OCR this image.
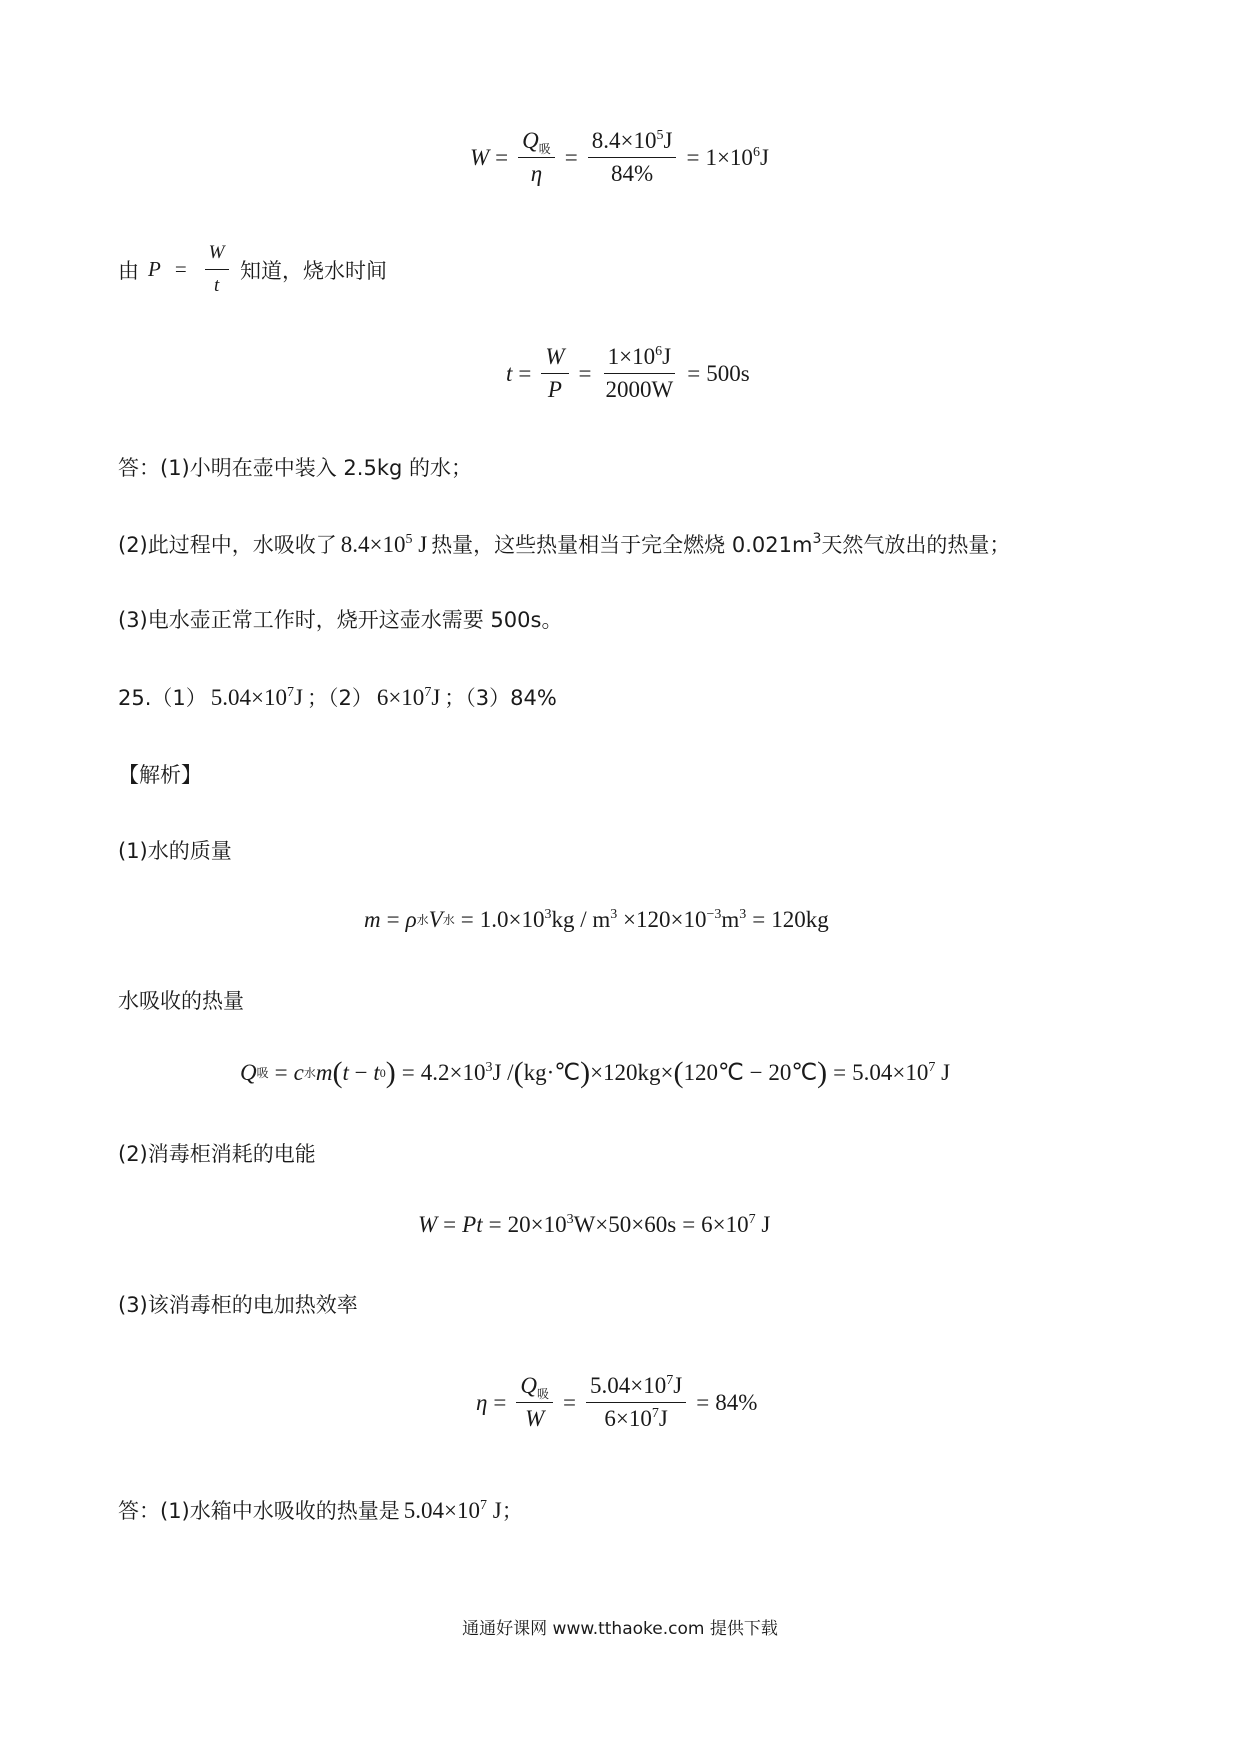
$W = \frac{Q_吸}{\eta} = \frac{8.4\times 10^5J}{84\%} = 1\times 10^6J$
由 $P = \frac{W}{t}$ 知道，烧水时间
$t = \frac{W}{P} = \frac{1\times 10^6J}{2000W} = 500s$
答：(1)小明在壶中装入 2.5kg 的水；
(2)此过程中，水吸收了 $8.4\times 10^5$ J 热量，这些热量相当于完全燃烧 $0.021m^3$天然气放出的热量；
(3)电水壶正常工作时，烧开这壶水需要 500s。
25.（1） $5.04\times 10^7J$ ；（2） $6\times 10^7J$ ；（3）84%
【解析】
(1)水的质量
m = ρ 水 V 水 = $1.0\times 10^3kg / m^3 \times 120\times 10^{-3}m^3 = 120kg$
水吸收的热量
Q 吸 = c 水 m ( t − t 0 ) = $4.2\times 10^3J$ / ( kg·℃ ) ×120kg× ( 120℃ − 20℃ ) = $5.04\times 10^7$ J
(2)消毒柜消耗的电能
$W = Pt = 20\times 10^3W\times 50\times 60s = 6\times 10^7$ J
(3)该消毒柜的电加热效率
$\eta = \frac{Q_吸}{W} = \frac{5.04\times 10^7J}{6\times 10^7J} = 84\%$
答：(1)水箱中水吸收的热量是 $5.04\times 10^7$ J；
通通好课网 www.tthaoke.com 提供下载
